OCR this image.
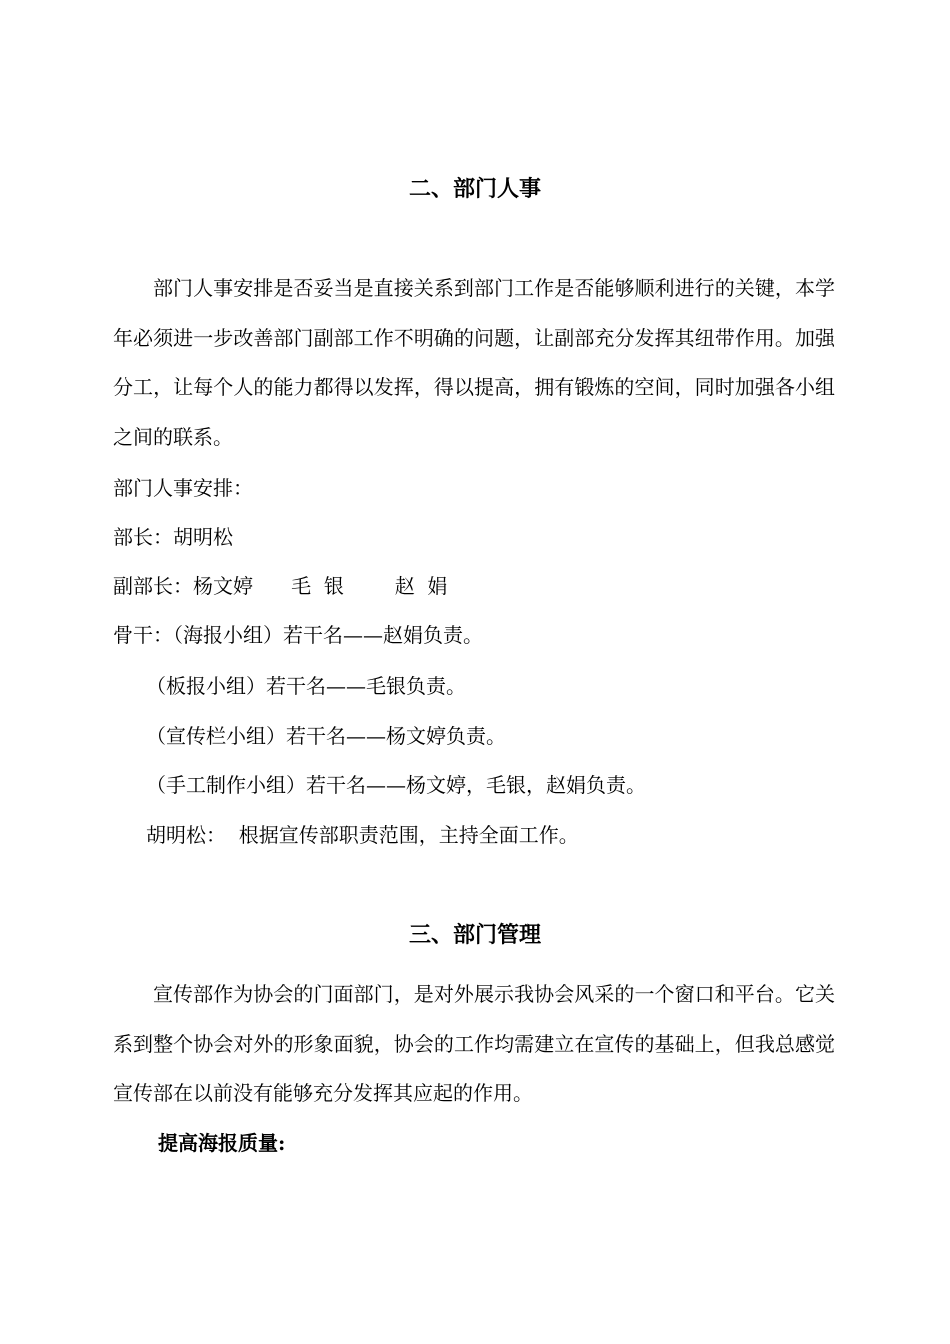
二、部门人事

部门人事安排是否妥当是直接关系到部门工作是否能够顺利进行的关键，本学年必须进一步改善部门副部工作不明确的问题，让副部充分发挥其纽带作用。加强分工，让每个人的能力都得以发挥，得以提高，拥有锻炼的空间，同时加强各小组之间的联系。

部门人事安排：

部长：胡明松

副部长：杨文婷      毛  银        赵  娟

骨干：（海报小组）若干名——赵娟负责。

（板报小组）若干名——毛银负责。

（宣传栏小组）若干名——杨文婷负责。

（手工制作小组）若干名——杨文婷，毛银，赵娟负责。

胡明松：  根据宣传部职责范围，主持全面工作。

三、部门管理

宣传部作为协会的门面部门，是对外展示我协会风采的一个窗口和平台。它关系到整个协会对外的形象面貌，协会的工作均需建立在宣传的基础上，但我总感觉宣传部在以前没有能够充分发挥其应起的作用。

提高海报质量:
